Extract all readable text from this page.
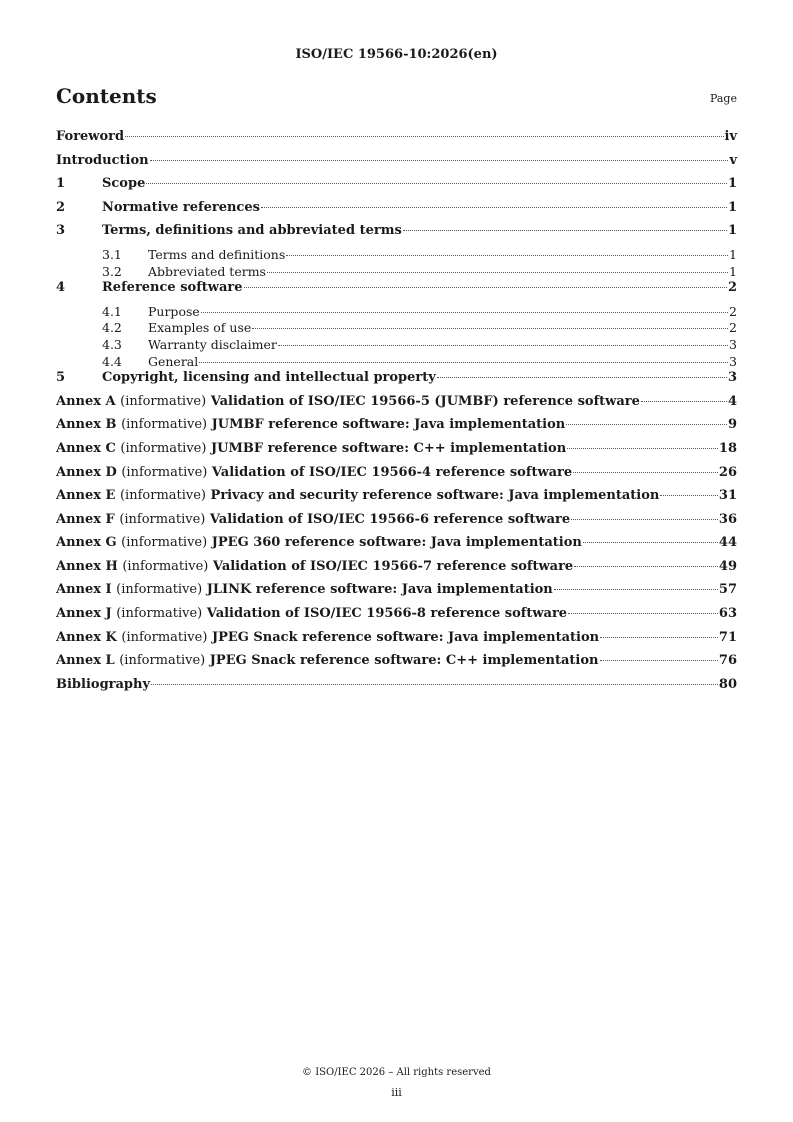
ISO/IEC 19566-10:2026(en)
Contents	Page
Foreword	iv
Introduction	v
1	Scope	1
2	Normative references	1
3	Terms, definitions and abbreviated terms	1
3.1	Terms and definitions	1
3.2	Abbreviated terms	1
4	Reference software	2
4.1	Purpose	2
4.2	Examples of use	2
4.3	Warranty disclaimer	3
4.4	General	3
5	Copyright, licensing and intellectual property	3
Annex A (informative) Validation of ISO/IEC 19566-5 (JUMBF) reference software	4
Annex B (informative) JUMBF reference software: Java implementation	9
Annex C (informative) JUMBF reference software: C++ implementation	18
Annex D (informative) Validation of ISO/IEC 19566-4 reference software	26
Annex E (informative) Privacy and security reference software: Java implementation	31
Annex F (informative) Validation of ISO/IEC 19566-6 reference software	36
Annex G (informative) JPEG 360 reference software: Java implementation	44
Annex H (informative) Validation of ISO/IEC 19566-7 reference software	49
Annex I (informative) JLINK reference software: Java implementation	57
Annex J (informative) Validation of ISO/IEC 19566-8 reference software	63
Annex K (informative) JPEG Snack reference software: Java implementation	71
Annex L (informative) JPEG Snack reference software: C++ implementation	76
Bibliography	80
© ISO/IEC 2026 – All rights reserved
iii
